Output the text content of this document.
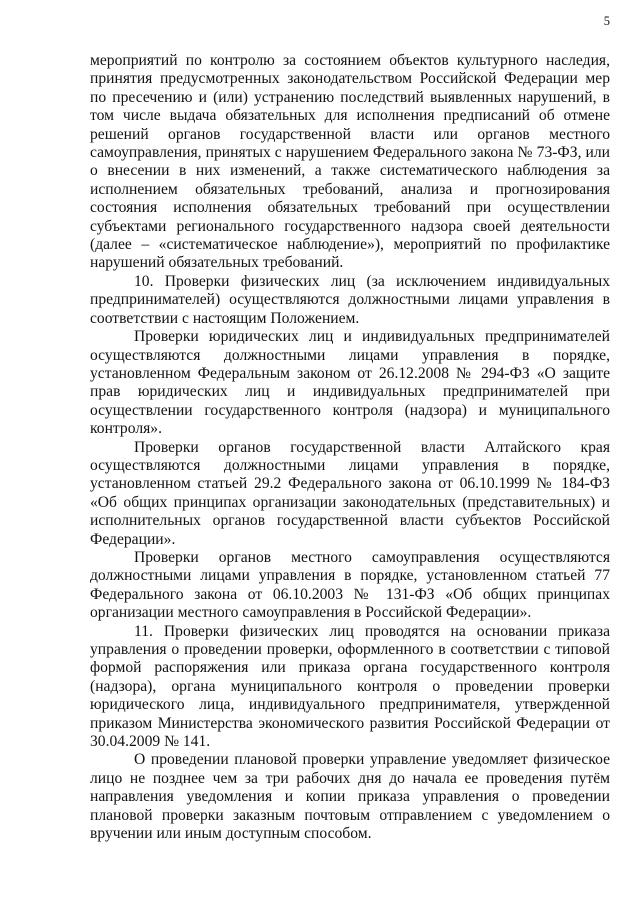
5

мероприятий по контролю за состоянием объектов культурного наследия, принятия предусмотренных законодательством Российской Федерации мер по пресечению и (или) устранению последствий выявленных нарушений, в том числе выдача обязательных для исполнения предписаний об отмене решений органов государственной власти или органов местного самоуправления, принятых с нарушением Федерального закона № 73-ФЗ, или о внесении в них изменений, а также систематического наблюдения за исполнением обязательных требований, анализа и прогнозирования состояния исполнения обязательных требований при осуществлении субъектами регионального государственного надзора своей деятельности (далее – «систематическое наблюдение»), мероприятий по профилактике нарушений обязательных требований.

10. Проверки физических лиц (за исключением индивидуальных предпринимателей) осуществляются должностными лицами управления в соответствии с настоящим Положением.

Проверки юридических лиц и индивидуальных предпринимателей осуществляются должностными лицами управления в порядке, установленном Федеральным законом от 26.12.2008 № 294-ФЗ «О защите прав юридических лиц и индивидуальных предпринимателей при осуществлении государственного контроля (надзора) и муниципального контроля».

Проверки органов государственной власти Алтайского края осуществляются должностными лицами управления в порядке, установленном статьей 29.2 Федерального закона от 06.10.1999 № 184-ФЗ «Об общих принципах организации законодательных (представительных) и исполнительных органов государственной власти субъектов Российской Федерации».

Проверки органов местного самоуправления осуществляются должностными лицами управления в порядке, установленном статьей 77 Федерального закона от 06.10.2003 № 131-ФЗ «Об общих принципах организации местного самоуправления в Российской Федерации».

11. Проверки физических лиц проводятся на основании приказа управления о проведении проверки, оформленного в соответствии с типовой формой распоряжения или приказа органа государственного контроля (надзора), органа муниципального контроля о проведении проверки юридического лица, индивидуального предпринимателя, утвержденной приказом Министерства экономического развития Российской Федерации от 30.04.2009 № 141.

О проведении плановой проверки управление уведомляет физическое лицо не позднее чем за три рабочих дня до начала ее проведения путём направления уведомления и копии приказа управления о проведении плановой проверки заказным почтовым отправлением с уведомлением о вручении или иным доступным способом.
